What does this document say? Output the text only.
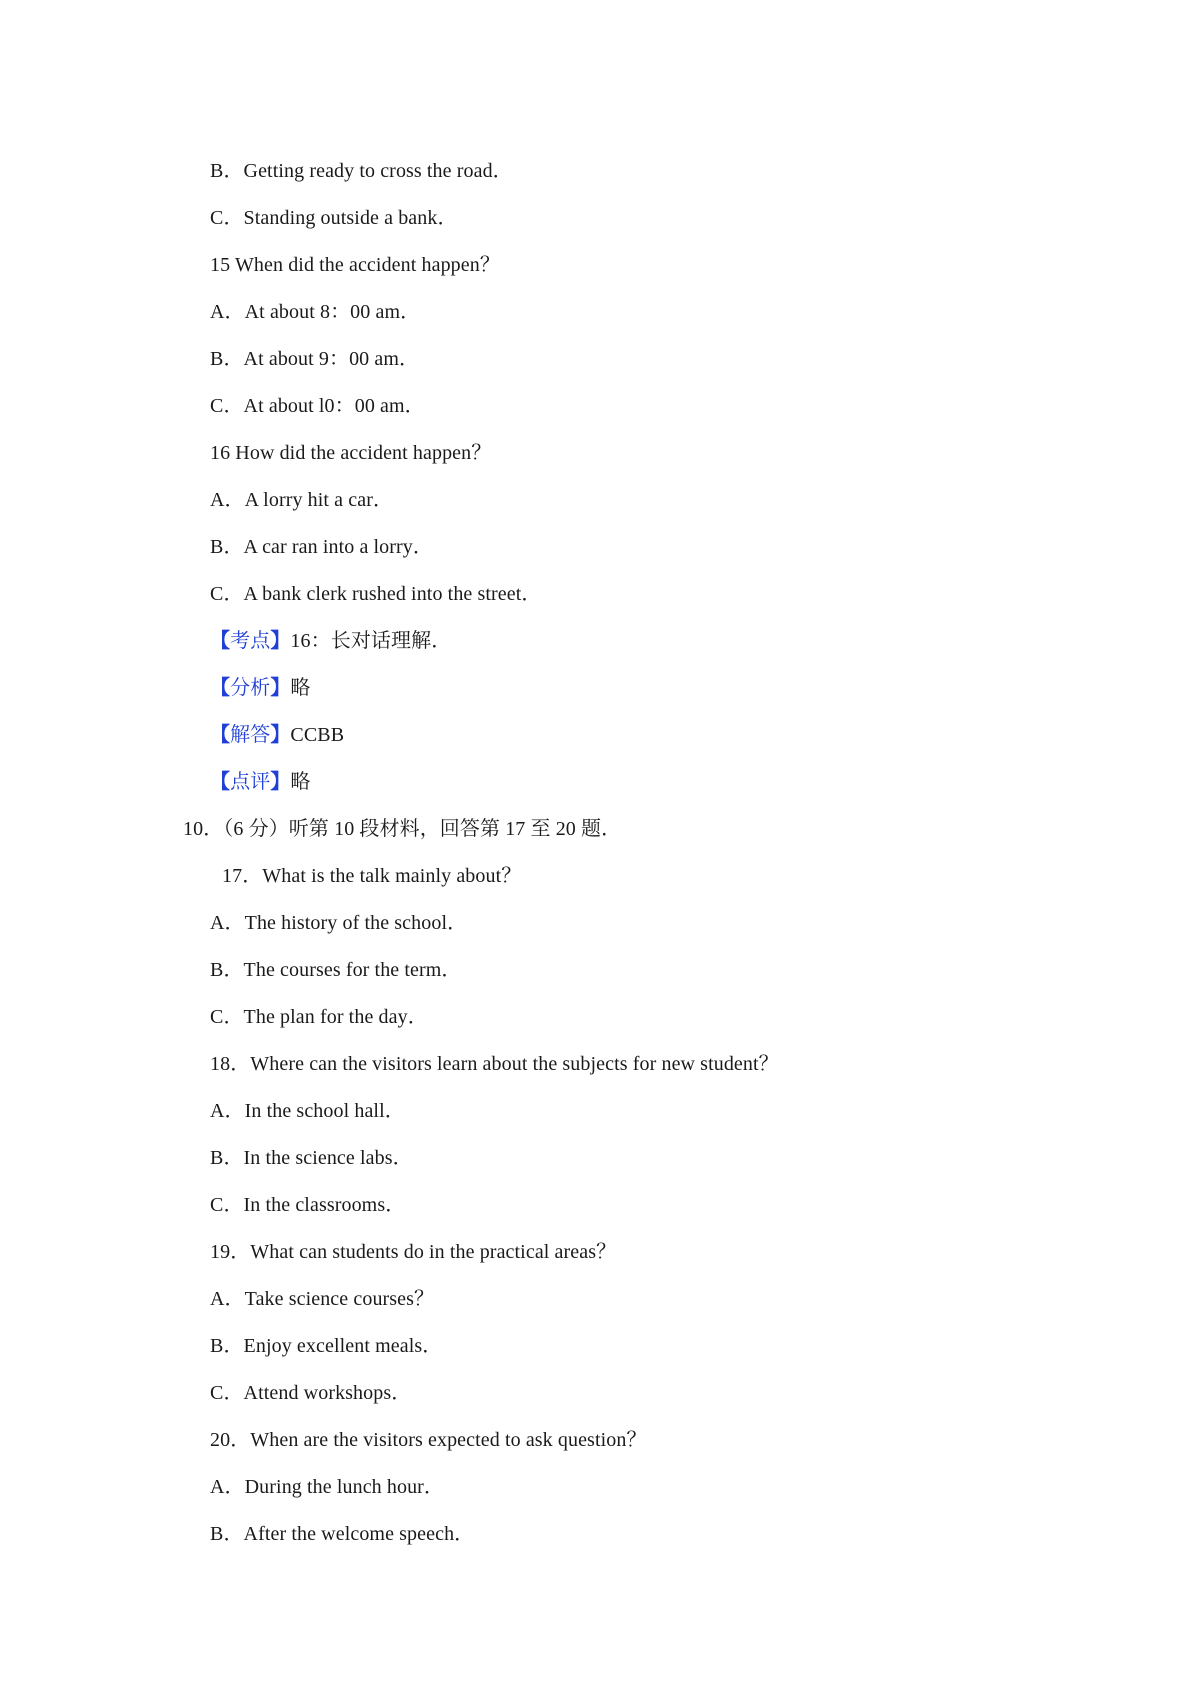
B．Getting ready to cross the road．
C．Standing outside a bank．
15 When did the accident happen？
A．At about 8：00 am．
B．At about 9：00 am．
C．At about l0：00 am．
16 How did the accident happen？
A．A lorry hit a car．
B．A car ran into a lorry．
C．A bank clerk rushed into the street．
【考点】16：长对话理解．
【分析】略
【解答】CCBB
【点评】略
10．（6 分）听第 10 段材料，回答第 17 至 20 题．
17．What is the talk mainly about？
A．The history of the school．
B．The courses for the term．
C．The plan for the day．
18．Where can the visitors learn about the subjects for new student？
A．In the school hall．
B．In the science labs．
C．In the classrooms．
19．What can students do in the practical areas？
A．Take science courses？
B．Enjoy excellent meals．
C．Attend workshops．
20．When are the visitors expected to ask question？
A．During the lunch hour．
B．After the welcome speech．
